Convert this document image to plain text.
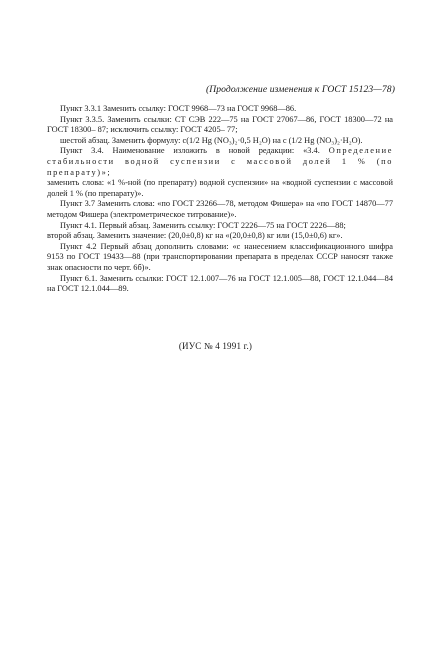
(Продолжение изменения к ГОСТ 15123—78)

Пункт 3.3.1 Заменить ссылку: ГОСТ 9968—73 на ГОСТ 9968—86.

Пункт 3.3.5. Заменить ссылки: СТ СЭВ 222—75 на ГОСТ 27067—86, ГОСТ 18300—72 на ГОСТ 18300– 87; исключить ссылку: ГОСТ 4205– 77;

шестой абзац. Заменить формулу: c(1/2 Hg (NO₃)₂·0,5 H₂O) на c (1/2 Hg (NO₃)₂·H₂O).

Пункт 3.4. Наименование изложить в новой редакции: «3.4. Определение стабильности водной суспензии с массовой долей 1 % (по препарату)»;

заменить слова: «1 %-ной (по препарату) водной суспензии» на «водной суспензии с массовой долей 1 % (по препарату)».

Пункт 3.7 Заменить слова: «по ГОСТ 23266—78, методом Фишера» на «по ГОСТ 14870—77 методом Фишера (электрометрическое титрование)».

Пункт 4.1. Первый абзац. Заменить ссылку: ГОСТ 2226—75 на ГОСТ 2226—88;

второй абзац. Заменить значение: (20,0±0,8) кг на «(20,0±0,8) кг или (15,0±0,6) кг».

Пункт 4.2 Первый абзац дополнить словами: «с нанесением классификационного шифра 9153 по ГОСТ 19433—88 (при транспортировании препарата в пределах СССР наносят также знак опасности по черт. 6б)».

Пункт 6.1. Заменить ссылки: ГОСТ 12.1.007—76 на ГОСТ 12.1.005—88, ГОСТ 12.1.044—84 на ГОСТ 12.1.044—89.

(ИУС № 4 1991 г.)
